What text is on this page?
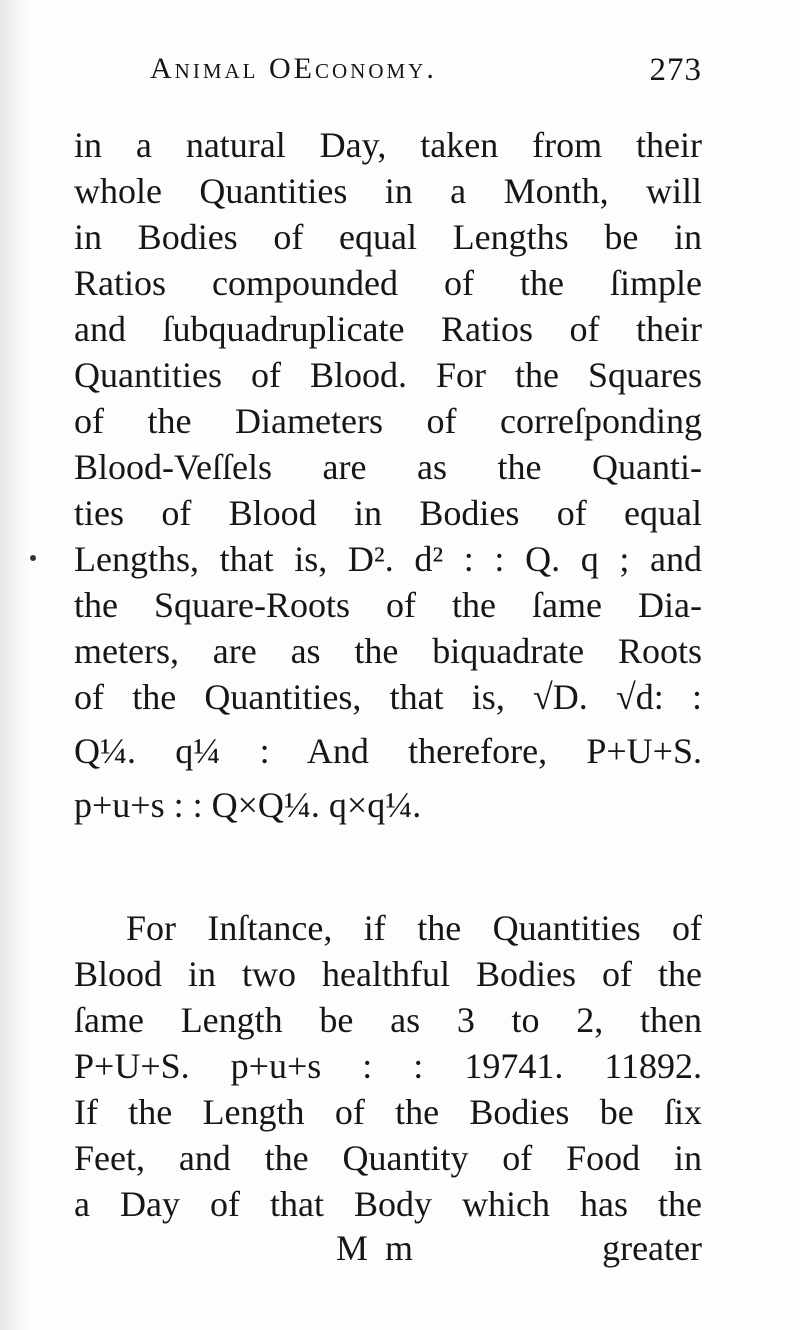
Animal OEconomy.	273
in a natural Day, taken from their
whole Quantities in a Month, will
in Bodies of equal Lengths be in
Ratios compounded of the ſimple
and ſubquadruplicate Ratios of their
Quantities of Blood. For the Squares
of the Diameters of correſponding
Blood-Veſſels are as the Quanti-
ties of Blood in Bodies of equal
Lengths, that is, D². d² : : Q. q ; and
the Square-Roots of the ſame Dia-
meters, are as the biquadrate Roots
of the Quantities, that is, √D. √d: :
Q¼. q¼ : And therefore, P+U+S.
p+u+s : : Q×Q¼. q×q¼.
For Inſtance, if the Quantities of
Blood in two healthful Bodies of the
ſame Length be as 3 to 2, then
P+U+S. p+u+s : : 19741. 11892.
If the Length of the Bodies be ſix
Feet, and the Quantity of Food in
a Day of that Body which has the
M m	greater
